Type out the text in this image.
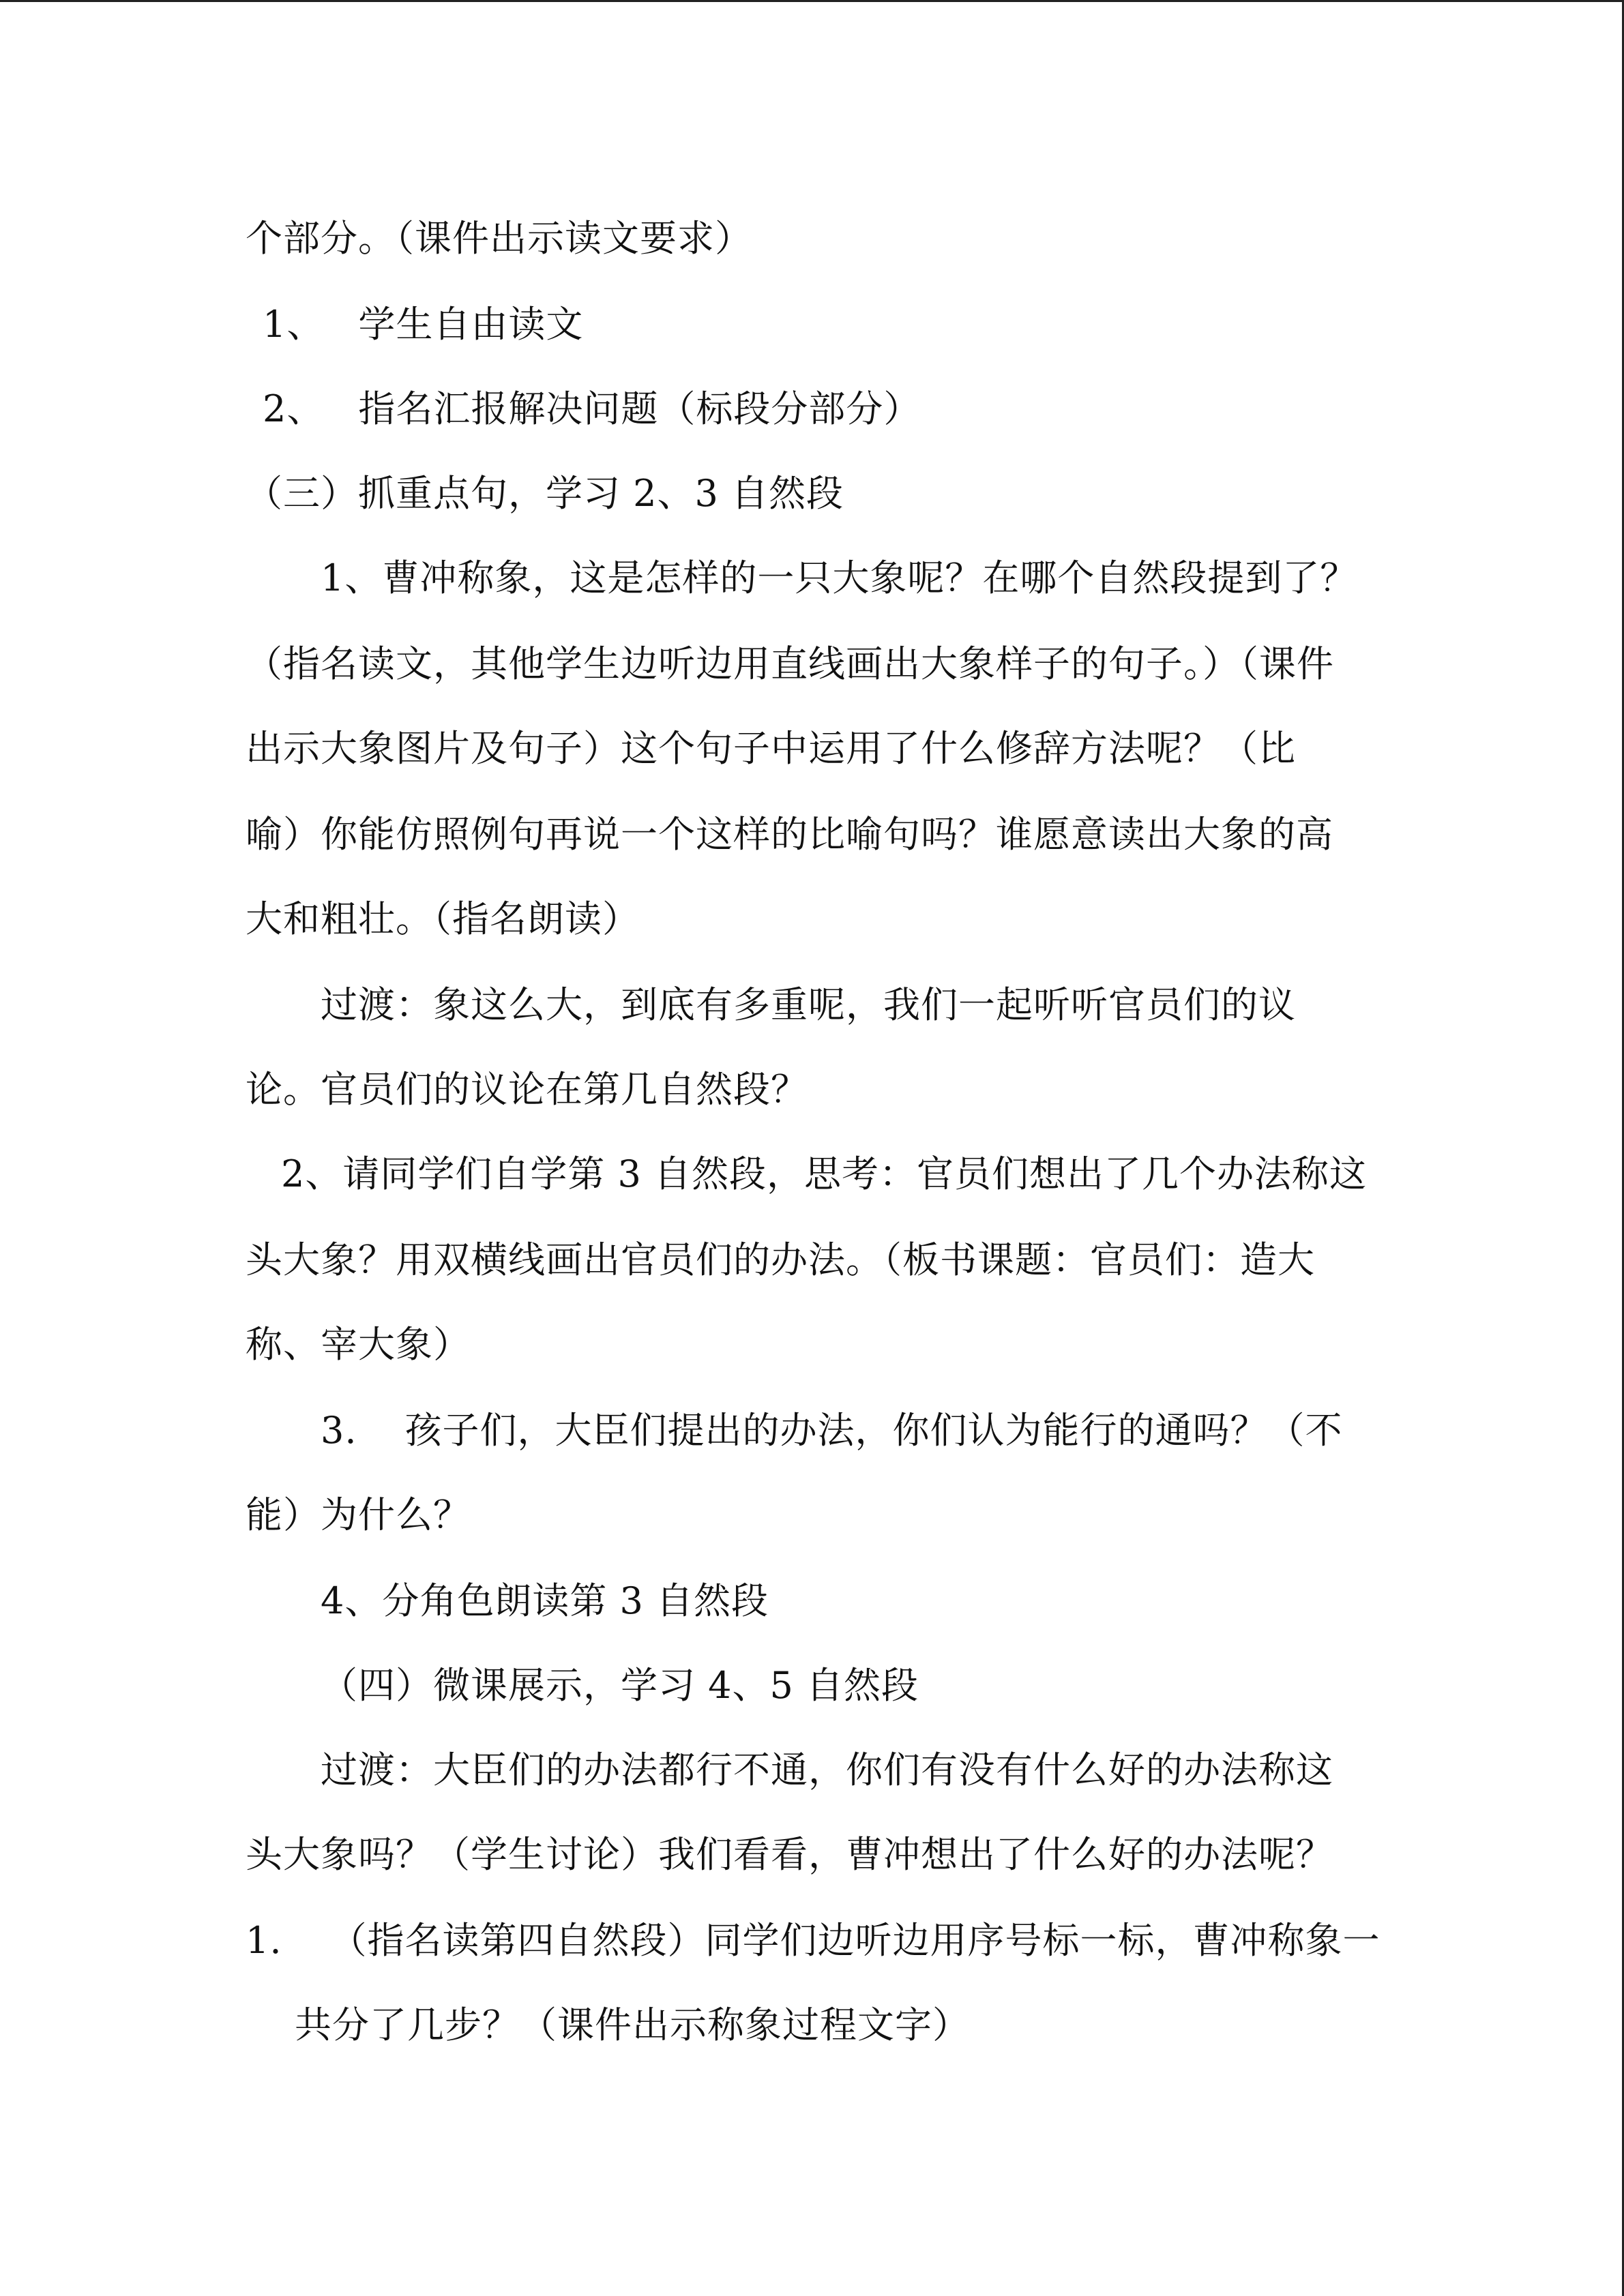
个部分。（课件出示读文要求）
1、 学生自由读文
2、 指名汇报解决问题（标段分部分）
（三）抓重点句，学习 2、3 自然段
1、曹冲称象，这是怎样的一只大象呢？在哪个自然段提到了？
（指名读文，其他学生边听边用直线画出大象样子的句子。）（课件
出示大象图片及句子）这个句子中运用了什么修辞方法呢？（比
喻）你能仿照例句再说一个这样的比喻句吗？谁愿意读出大象的高
大和粗壮。（指名朗读）
过渡：象这么大，到底有多重呢，我们一起听听官员们的议
论。官员们的议论在第几自然段？
2、请同学们自学第 3 自然段，思考：官员们想出了几个办法称这
头大象？用双横线画出官员们的办法。（板书课题：官员们：造大
称、宰大象）
3. 孩子们，大臣们提出的办法，你们认为能行的通吗？（不
能）为什么？
4、分角色朗读第 3 自然段
（四）微课展示，学习 4、5 自然段
过渡：大臣们的办法都行不通，你们有没有什么好的办法称这
头大象吗？（学生讨论）我们看看，曹冲想出了什么好的办法呢？
1. （指名读第四自然段）同学们边听边用序号标一标，曹冲称象一
共分了几步？（课件出示称象过程文字）
